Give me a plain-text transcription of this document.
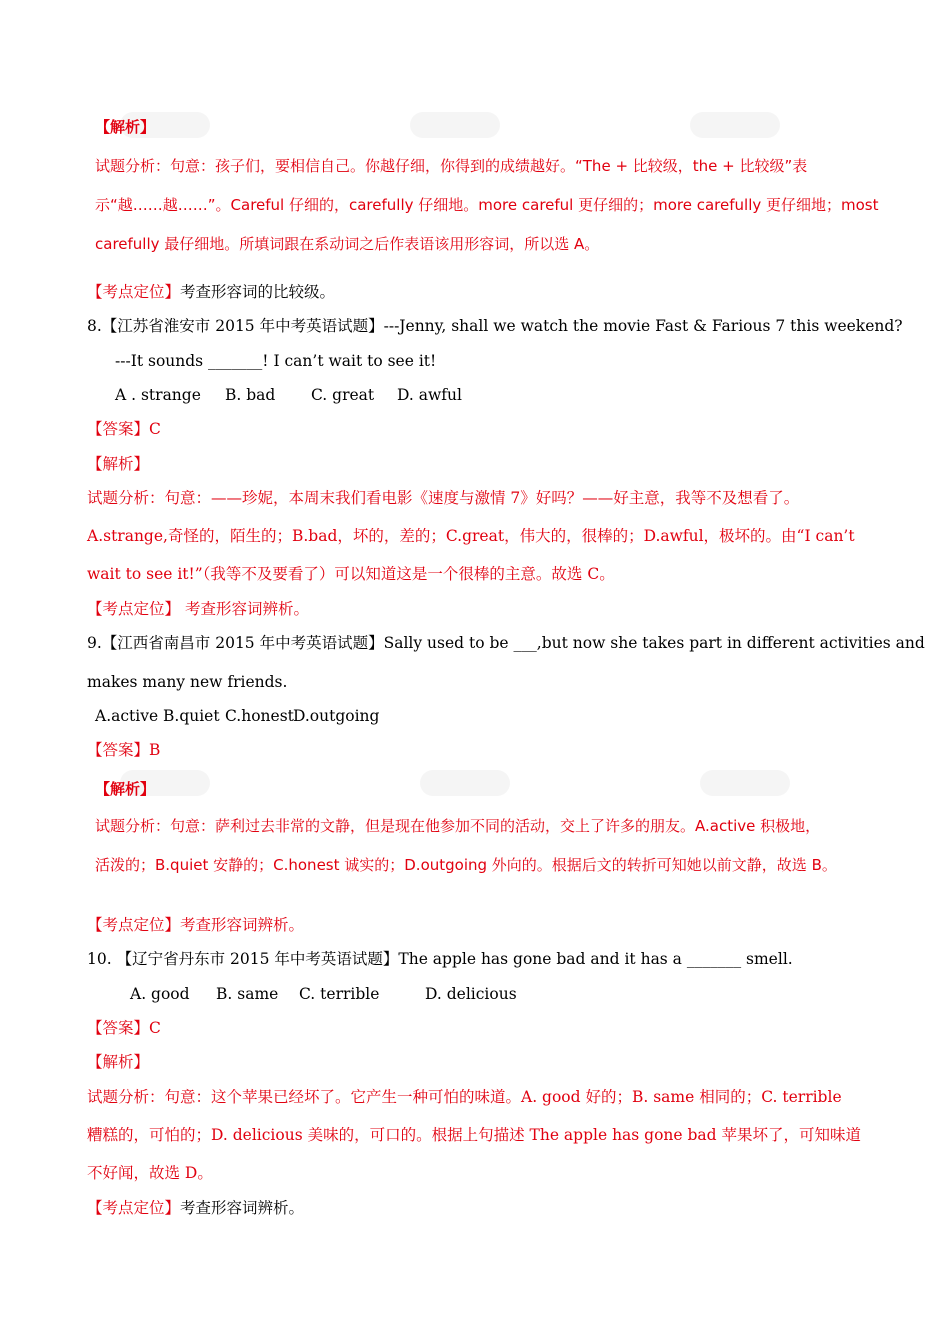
【解析】
试题分析：句意：孩子们，要相信自己。你越仔细，你得到的成绩越好。“The + 比较级，the + 比较级”表
示“越……越……”。Careful 仔细的，carefully 仔细地。more careful 更仔细的；more carefully 更仔细地；most
carefully 最仔细地。所填词跟在系动词之后作表语该用形容词，所以选 A。
【考点定位】考查形容词的比较级。
8.【江苏省淮安市 2015 年中考英语试题】---Jenny, shall we watch the movie Fast & Farious 7 this weekend?
---It sounds _______! I can’t wait to see it!
A . strange B. bad C. great D. awful
【答案】C
【解析】
试题分析：句意：——珍妮，本周末我们看电影《速度与激情 7》好吗？——好主意，我等不及想看了。
A.strange,奇怪的，陌生的；B.bad，坏的，差的；C.great，伟大的，很棒的；D.awful，极坏的。由“I can’t
wait to see it!”（我等不及要看了）可以知道这是一个很棒的主意。故选 C。
【考点定位】 考查形容词辨析。
9.【江西省南昌市 2015 年中考英语试题】Sally used to be ___,but now she takes part in different activities and
makes many new friends.
A.active B.quiet C.honestD.outgoing
【答案】B
【解析】
试题分析：句意：萨利过去非常的文静，但是现在他参加不同的活动，交上了许多的朋友。A.active 积极地，
活泼的；B.quiet 安静的；C.honest 诚实的；D.outgoing 外向的。根据后文的转折可知她以前文静，故选 B。
【考点定位】考查形容词辨析。
10. 【辽宁省丹东市 2015 年中考英语试题】The apple has gone bad and it has a _______ smell.
A. good B. same C. terrible	D. delicious
【答案】C
【解析】
试题分析：句意：这个苹果已经坏了。它产生一种可怕的味道。A. good 好的；B. same 相同的；C. terrible
糟糕的，可怕的；D. delicious 美味的，可口的。根据上句描述 The apple has gone bad 苹果坏了，可知味道
不好闻，故选 D。
【考点定位】考查形容词辨析。
